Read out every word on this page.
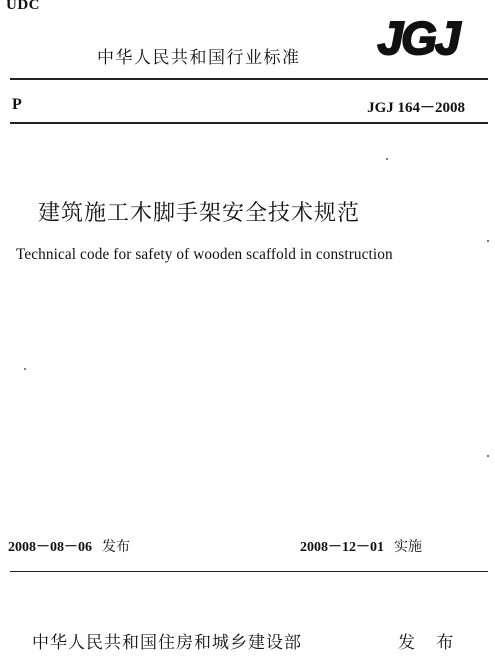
UDC
中华人民共和国行业标准 JGJ
P	JGJ 164－2008
建筑施工木脚手架安全技术规范
Technical code for safety of wooden scaffold in construction
2008－08－06 发布	2008－12－01 实施
中华人民共和国住房和城乡建设部	发 布
